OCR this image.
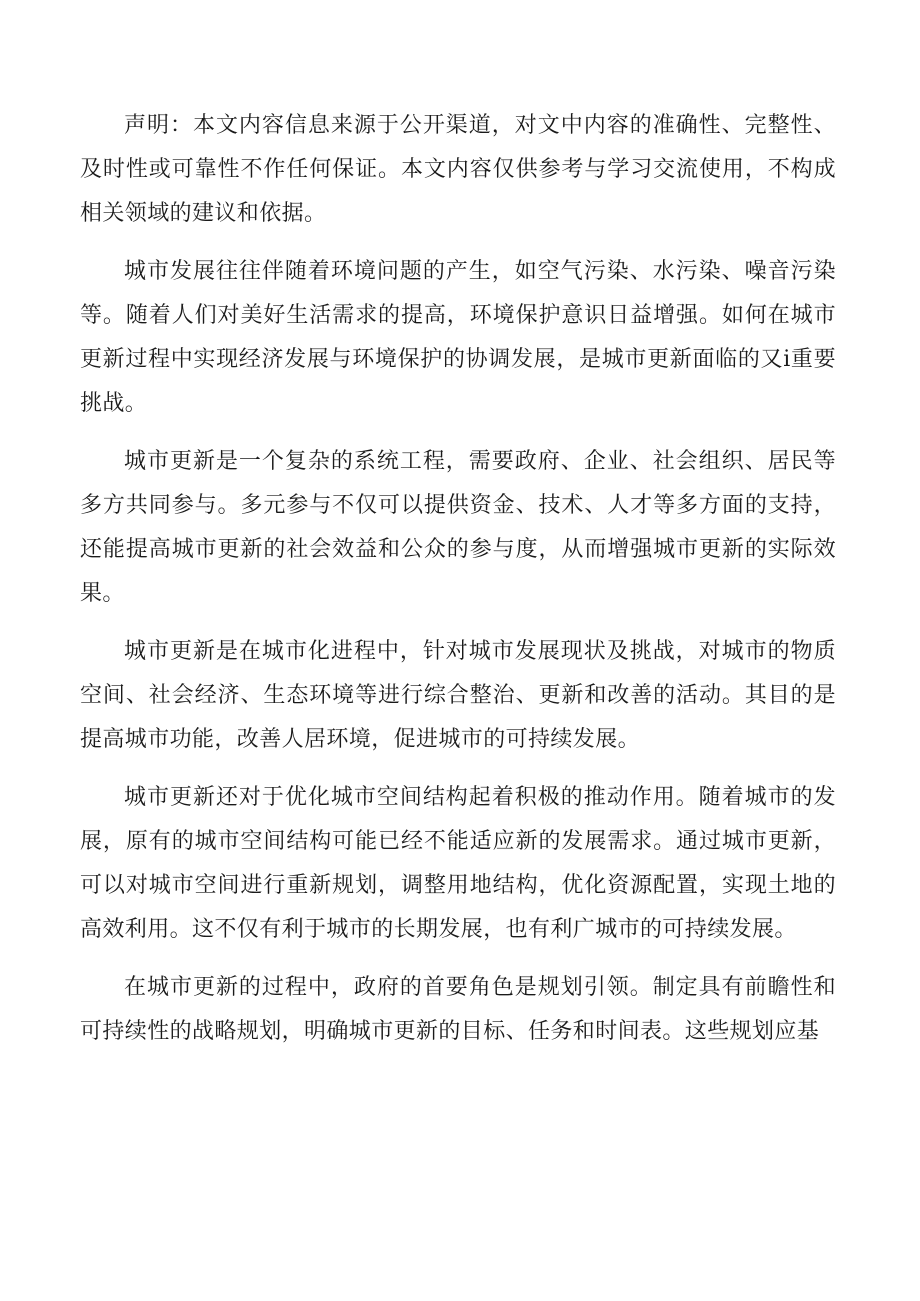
声明：本文内容信息来源于公开渠道，对文中内容的准确性、完整性、及时性或可靠性不作任何保证。本文内容仅供参考与学习交流使用，不构成相关领域的建议和依据。

城市发展往往伴随着环境问题的产生，如空气污染、水污染、噪音污染等。随着人们对美好生活需求的提高，环境保护意识日益增强。如何在城市更新过程中实现经济发展与环境保护的协调发展，是城市更新面临的又i重要挑战。

城市更新是一个复杂的系统工程，需要政府、企业、社会组织、居民等多方共同参与。多元参与不仅可以提供资金、技术、人才等多方面的支持，还能提高城市更新的社会效益和公众的参与度，从而增强城市更新的实际效果。

城市更新是在城市化进程中，针对城市发展现状及挑战，对城市的物质空间、社会经济、生态环境等进行综合整治、更新和改善的活动。其目的是提高城市功能，改善人居环境，促进城市的可持续发展。

城市更新还对于优化城市空间结构起着积极的推动作用。随着城市的发展，原有的城市空间结构可能已经不能适应新的发展需求。通过城市更新，可以对城市空间进行重新规划，调整用地结构，优化资源配置，实现土地的高效利用。这不仅有利于城市的长期发展，也有利广城市的可持续发展。

在城市更新的过程中，政府的首要角色是规划引领。制定具有前瞻性和可持续性的战略规划，明确城市更新的目标、任务和时间表。这些规划应基
